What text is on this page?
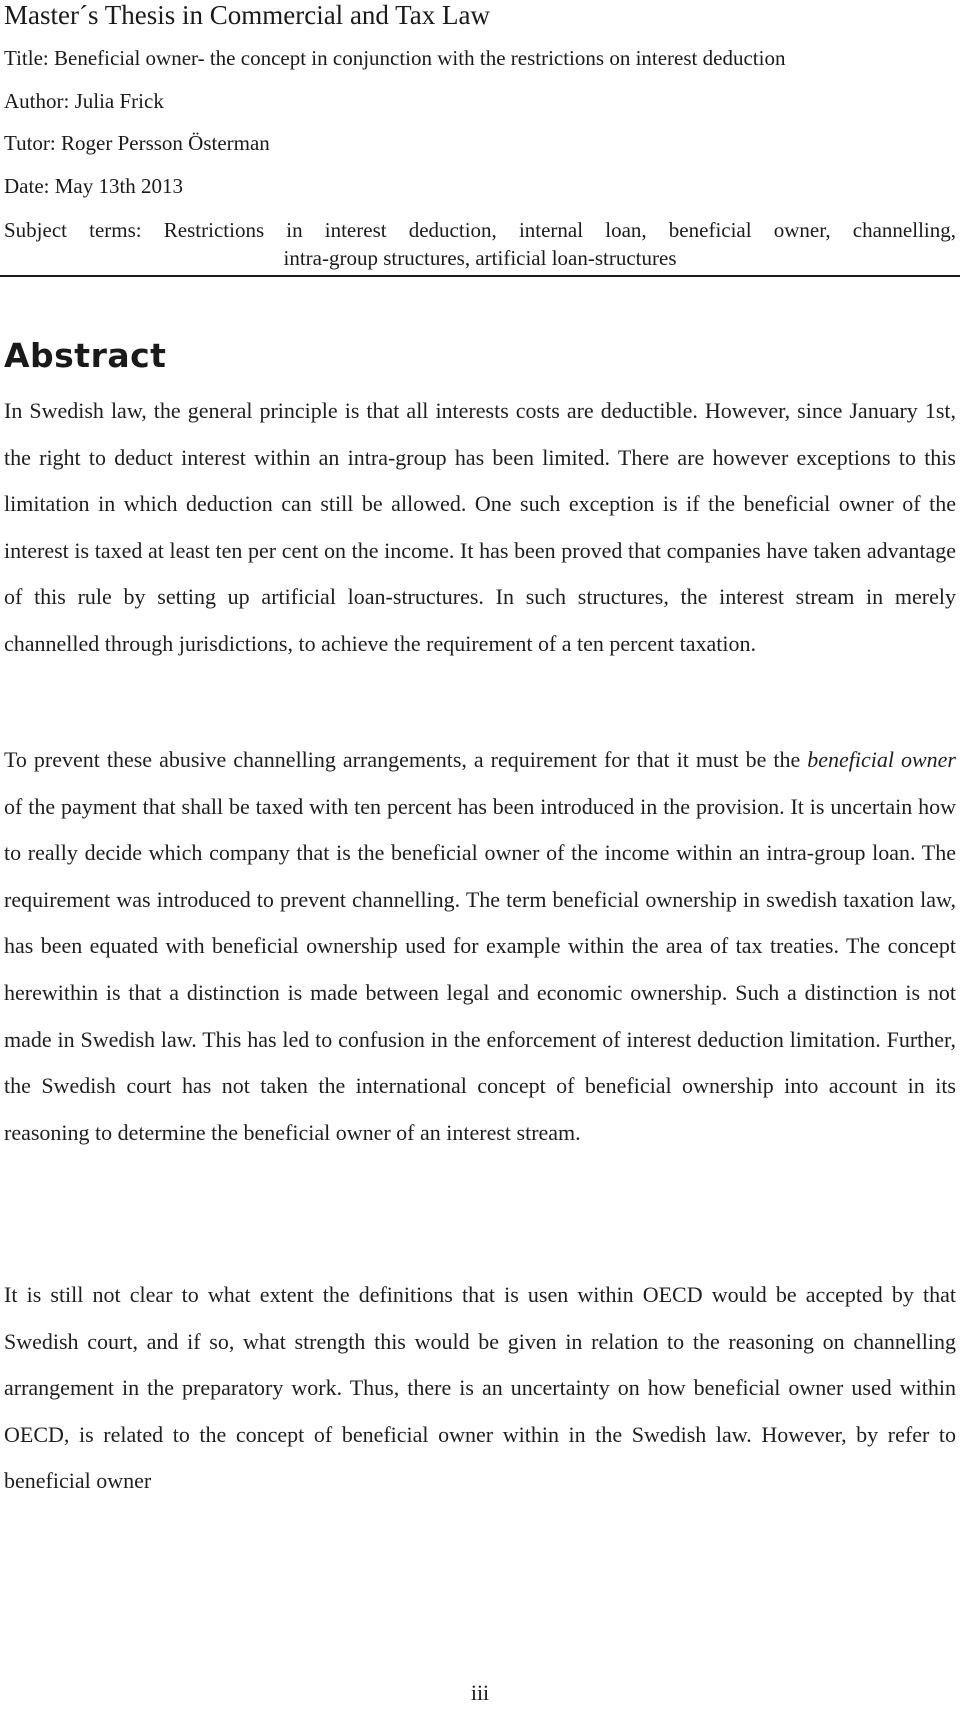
Master´s Thesis in Commercial and Tax Law

Title: Beneficial owner- the concept in conjunction with the restrictions on interest deduction

Author: Julia Frick

Tutor: Roger Persson Österman

Date: May 13th 2013

Subject terms: Restrictions in interest deduction, internal loan, beneficial owner, channelling,

intra-group structures, artificial loan-structures

Abstract

In Swedish law, the general principle is that all interests costs are deductible. However, since January 1st, the right to deduct interest within an intra-group has been limited. There are however exceptions to this limitation in which deduction can still be allowed. One such exception is if the beneficial owner of the interest is taxed at least ten per cent on the income. It has been proved that companies have taken advantage of this rule by setting up artificial loan-structures. In such structures, the interest stream in merely channelled through jurisdictions, to achieve the requirement of a ten percent taxation.

To prevent these abusive channelling arrangements, a requirement for that it must be the beneficial owner of the payment that shall be taxed with ten percent has been introduced in the provision. It is uncertain how to really decide which company that is the beneficial owner of the income within an intra-group loan. The requirement was introduced to prevent channelling. The term beneficial ownership in swedish taxation law, has been equated with beneficial ownership used for example within the area of tax treaties. The concept herewithin is that a distinction is made between legal and economic ownership. Such a distinction is not made in Swedish law. This has led to confusion in the enforcement of interest deduction limitation. Further, the Swedish court has not taken the international concept of beneficial ownership into account in its reasoning to determine the beneficial owner of an interest stream.

It is still not clear to what extent the definitions that is usen within OECD would be accepted by that Swedish court, and if so, what strength this would be given in relation to the reasoning on channelling arrangement in the preparatory work. Thus, there is an uncertainty on how beneficial owner used within OECD, is related to the concept of beneficial owner within in the Swedish law. However, by refer to beneficial owner

iii
